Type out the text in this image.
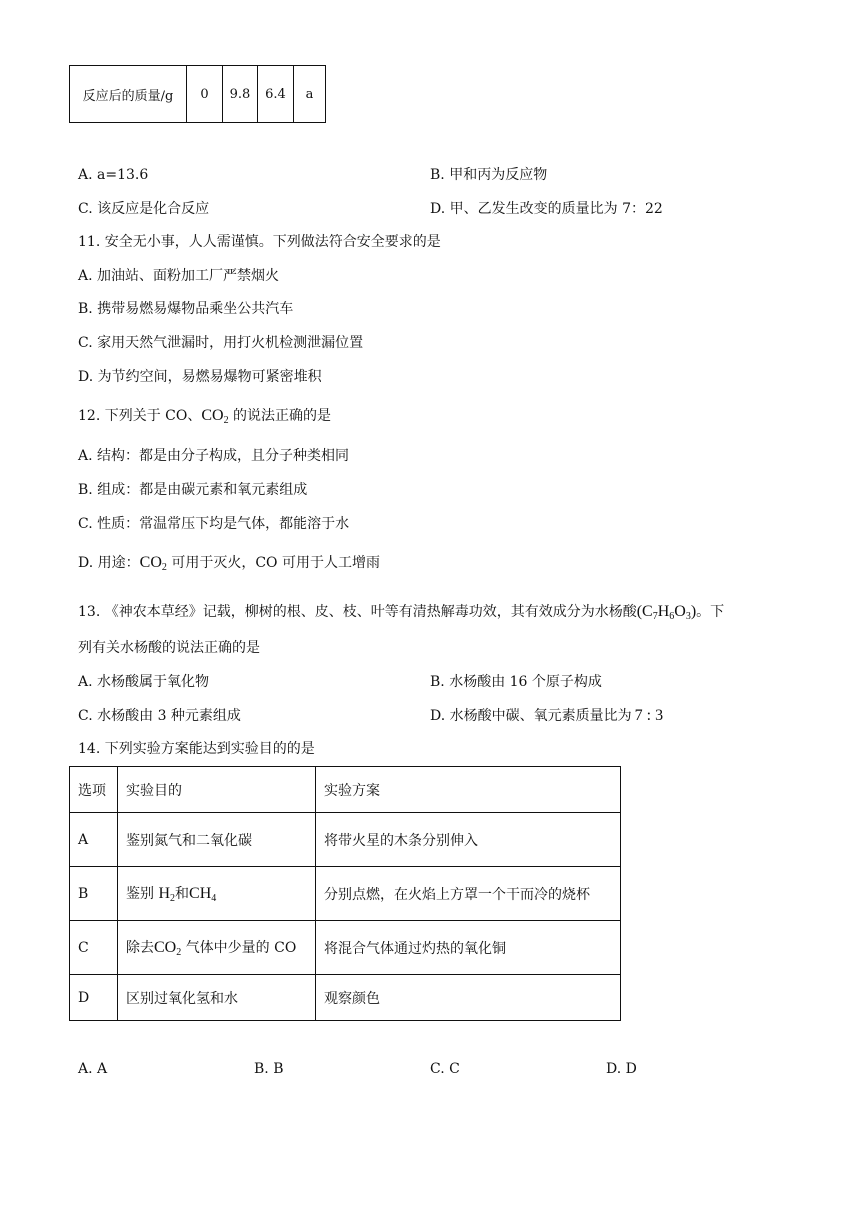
反应后的质量/g	0	9.8	6.4	a
A. a=13.6	B. 甲和丙为反应物
C. 该反应是化合反应	D. 甲、乙发生改变的质量比为 7：22
11. 安全无小事，人人需谨慎。下列做法符合安全要求的是
A. 加油站、面粉加工厂严禁烟火
B. 携带易燃易爆物品乘坐公共汽车
C. 家用天然气泄漏时，用打火机检测泄漏位置
D. 为节约空间，易燃易爆物可紧密堆积
12. 下列关于 CO、$CO_2$ 的说法正确的是
A. 结构：都是由分子构成，且分子种类相同
B. 组成：都是由碳元素和氧元素组成
C. 性质：常温常压下均是气体，都能溶于水
D. 用途：$CO_2$ 可用于灭火，CO 可用于人工增雨
13. 《神农本草经》记载，柳树的根、皮、枝、叶等有清热解毒功效，其有效成分为水杨酸$(C_7H_6O_3)$。下
列有关水杨酸的说法正确的是
A. 水杨酸属于氧化物	B. 水杨酸由 16 个原子构成
C. 水杨酸由 3 种元素组成	D. 水杨酸中碳、氧元素质量比为 7 : 3
14. 下列实验方案能达到实验目的的是
选项	实验目的	实验方案
A	鉴别氮气和二氧化碳	将带火星的木条分别伸入
B	鉴别 $H_2$和$CH_4$	分别点燃，在火焰上方罩一个干而冷的烧杯
C	除去$CO_2$ 气体中少量的 CO	将混合气体通过灼热的氧化铜
D	区别过氧化氢和水	观察颜色
A. A	B. B	C. C	D. D
